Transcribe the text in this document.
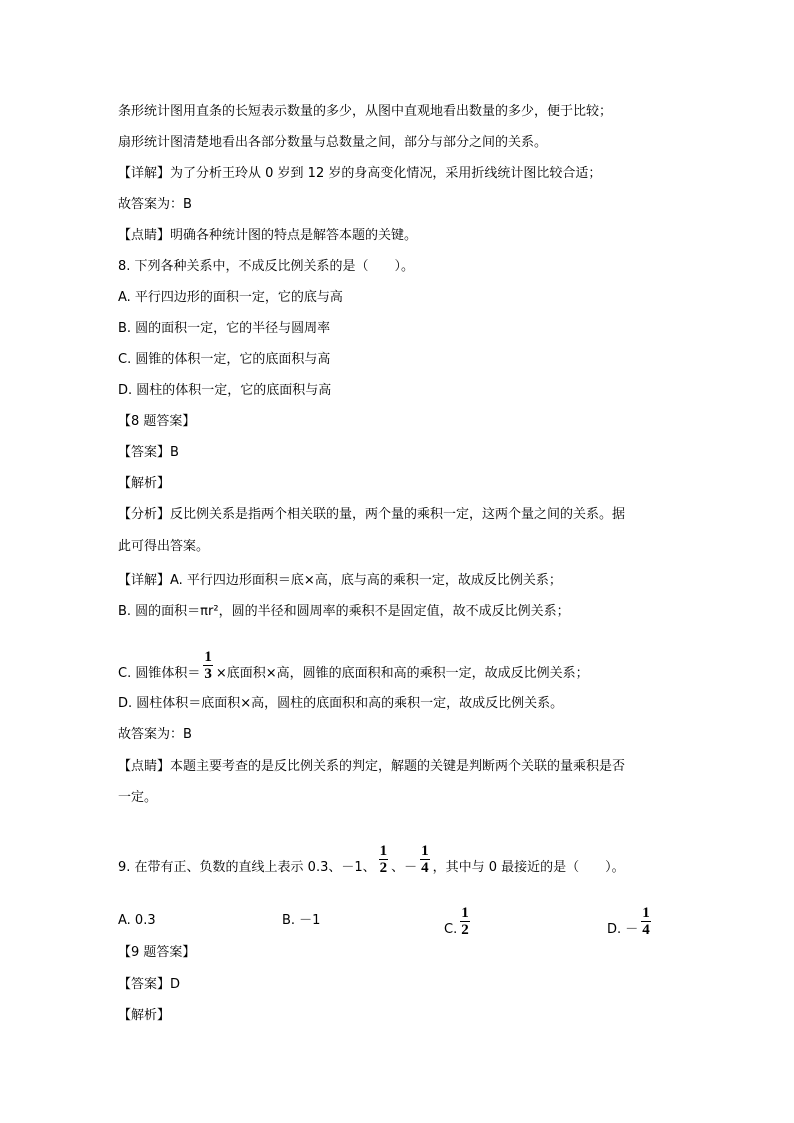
条形统计图用直条的长短表示数量的多少，从图中直观地看出数量的多少，便于比较；
扇形统计图清楚地看出各部分数量与总数量之间，部分与部分之间的关系。
【详解】为了分析王玲从 0 岁到 12 岁的身高变化情况，采用折线统计图比较合适；
故答案为：B
【点睛】明确各种统计图的特点是解答本题的关键。
8. 下列各种关系中，不成反比例关系的是（　　）。
A. 平行四边形的面积一定，它的底与高
B. 圆的面积一定，它的半径与圆周率
C. 圆锥的体积一定，它的底面积与高
D. 圆柱的体积一定，它的底面积与高
【8 题答案】
【答案】B
【解析】
【分析】反比例关系是指两个相关联的量，两个量的乘积一定，这两个量之间的关系。据
此可得出答案。
【详解】A. 平行四边形面积＝底×高，底与高的乘积一定，故成反比例关系；
B. 圆的面积＝πr²，圆的半径和圆周率的乘积不是固定值，故不成反比例关系；
C. 圆锥体积＝ $\frac{1}{3}$ ×底面积×高，圆锥的底面积和高的乘积一定，故成反比例关系；
D. 圆柱体积＝底面积×高，圆柱的底面积和高的乘积一定，故成反比例关系。
故答案为：B
【点睛】本题主要考查的是反比例关系的判定，解题的关键是判断两个关联的量乘积是否
一定。
9. 在带有正、负数的直线上表示 0.3、－1、 $\frac{1}{2}$ 、－ $\frac{1}{4}$ ，其中与 0 最接近的是（　　）。
A. 0.3	B. －1
C. $\frac{1}{2}$	D. － $\frac{1}{4}$
【9 题答案】
【答案】D
【解析】
